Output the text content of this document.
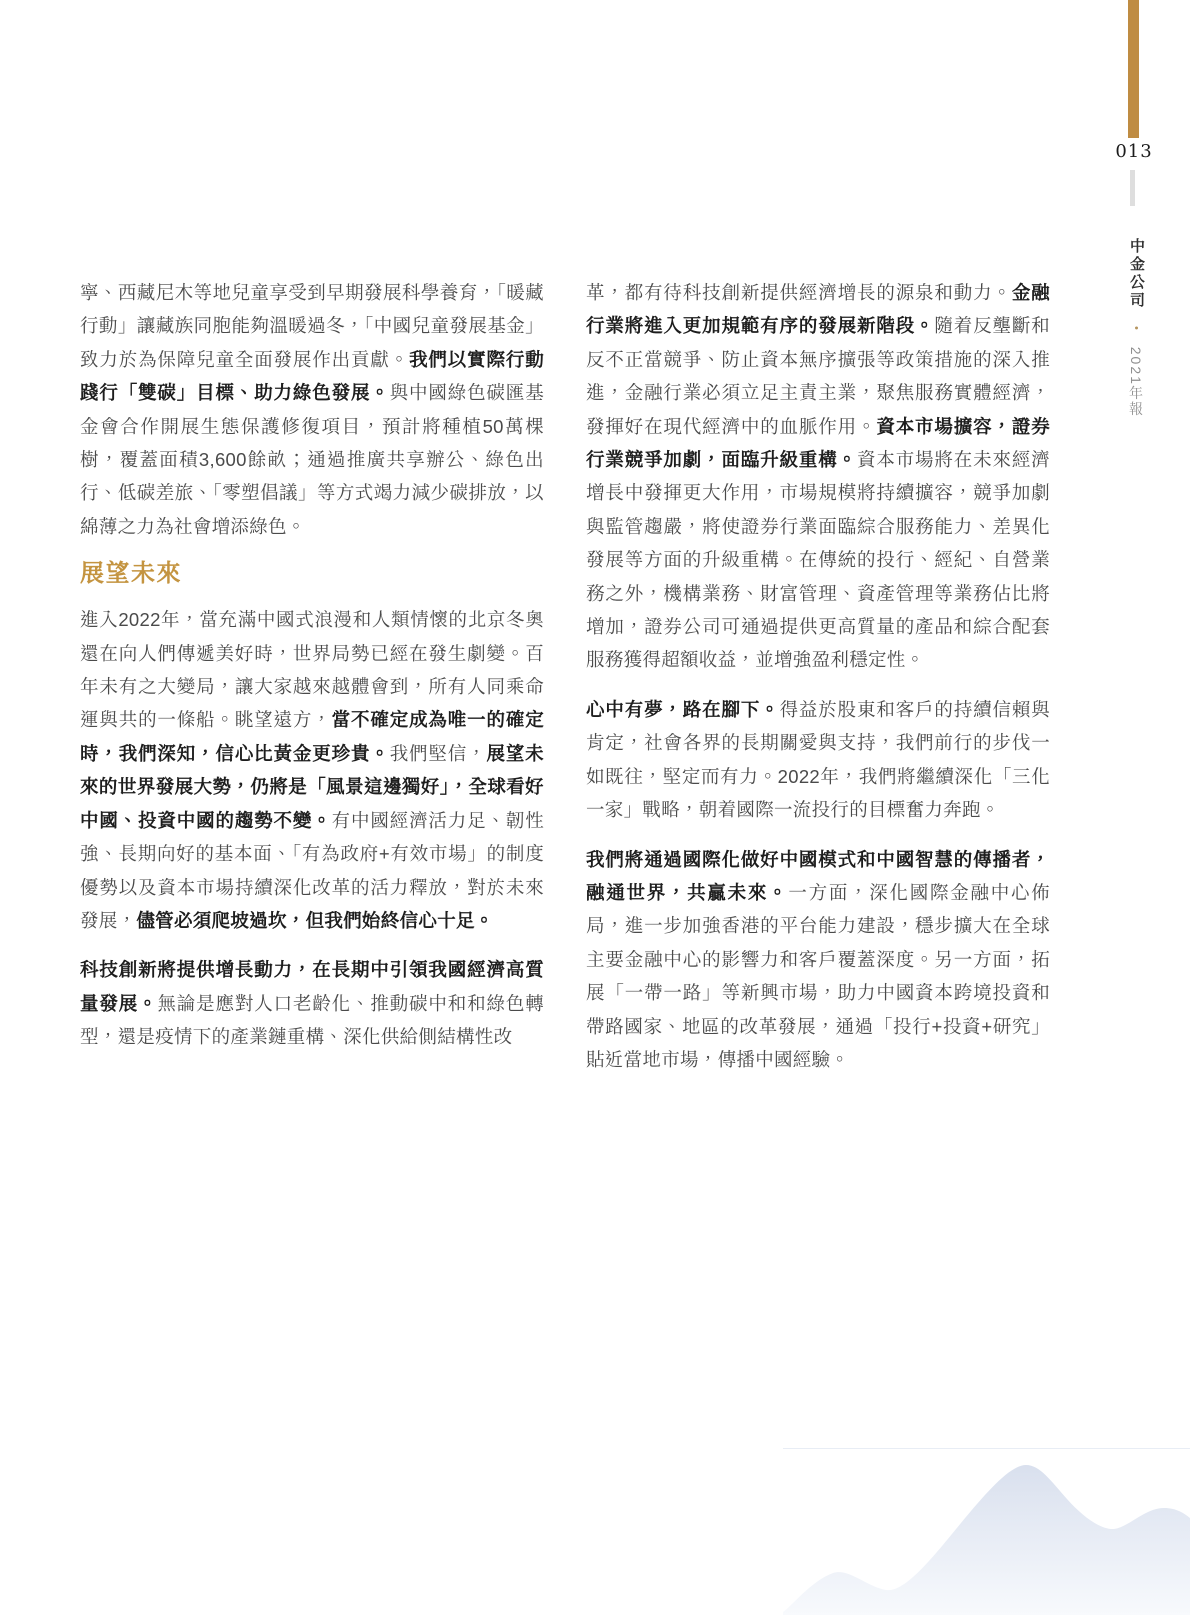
寧、西藏尼木等地兒童享受到早期發展科學養育，「暖藏行動」讓藏族同胞能夠溫暖過冬，「中國兒童發展基金」致力於為保障兒童全面發展作出貢獻。我們以實際行動踐行「雙碳」目標、助力綠色發展。與中國綠色碳匯基金會合作開展生態保護修復項目，預計將種植50萬棵樹，覆蓋面積3,600餘畝；通過推廣共享辦公、綠色出行、低碳差旅、「零塑倡議」等方式竭力減少碳排放，以綿薄之力為社會增添綠色。

展望未來

進入2022年，當充滿中國式浪漫和人類情懷的北京冬奧還在向人們傳遞美好時，世界局勢已經在發生劇變。百年未有之大變局，讓大家越來越體會到，所有人同乘命運與共的一條船。眺望遠方，當不確定成為唯一的確定時，我們深知，信心比黃金更珍貴。我們堅信，展望未來的世界發展大勢，仍將是「風景這邊獨好」，全球看好中國、投資中國的趨勢不變。有中國經濟活力足、韌性強、長期向好的基本面、「有為政府+有效市場」的制度優勢以及資本市場持續深化改革的活力釋放，對於未來發展，儘管必須爬坡過坎，但我們始終信心十足。

科技創新將提供增長動力，在長期中引領我國經濟高質量發展。無論是應對人口老齡化、推動碳中和和綠色轉型，還是疫情下的產業鏈重構、深化供給側結構性改

革，都有待科技創新提供經濟增長的源泉和動力。金融行業將進入更加規範有序的發展新階段。隨着反壟斷和反不正當競爭、防止資本無序擴張等政策措施的深入推進，金融行業必須立足主責主業，聚焦服務實體經濟，發揮好在現代經濟中的血脈作用。資本市場擴容，證券行業競爭加劇，面臨升級重構。資本市場將在未來經濟增長中發揮更大作用，市場規模將持續擴容，競爭加劇與監管趨嚴，將使證券行業面臨綜合服務能力、差異化發展等方面的升級重構。在傳統的投行、經紀、自營業務之外，機構業務、財富管理、資產管理等業務佔比將增加，證券公司可通過提供更高質量的產品和綜合配套服務獲得超額收益，並增強盈利穩定性。

心中有夢，路在腳下。得益於股東和客戶的持續信賴與肯定，社會各界的長期關愛與支持，我們前行的步伐一如既往，堅定而有力。2022年，我們將繼續深化「三化一家」戰略，朝着國際一流投行的目標奮力奔跑。

我們將通過國際化做好中國模式和中國智慧的傳播者，融通世界，共贏未來。一方面，深化國際金融中心佈局，進一步加強香港的平台能力建設，穩步擴大在全球主要金融中心的影響力和客戶覆蓋深度。另一方面，拓展「一帶一路」等新興市場，助力中國資本跨境投資和帶路國家、地區的改革發展，通過「投行+投資+研究」貼近當地市場，傳播中國經驗。

013
中金公司 • 2021年報
